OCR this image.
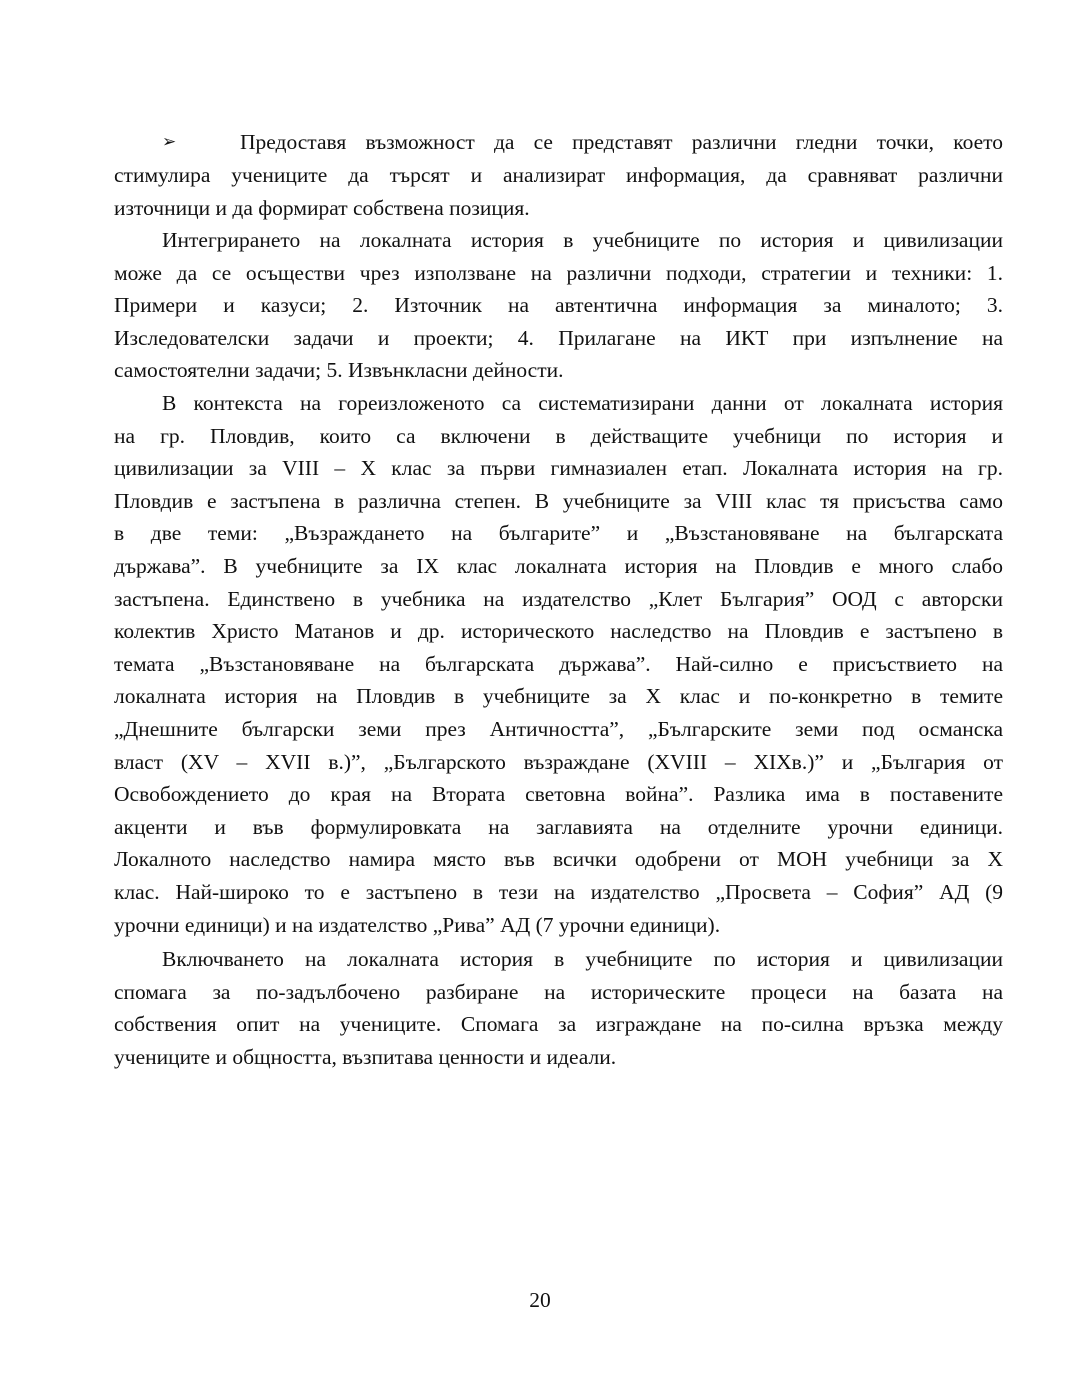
➢	Предоставя възможност да се представят различни гледни точки, което
стимулира учениците да търсят и анализират информация, да сравняват различни
източници и да формират собствена позиция.
Интегрирането на локалната история в учебниците по история и цивилизации
може да се осъществи чрез използване на различни подходи, стратегии и техники: 1.
Примери и казуси; 2. Източник на автентична информация за миналото; 3.
Изследователски задачи и проекти; 4. Прилагане на ИКТ при изпълнение на
самостоятелни задачи; 5. Извънкласни дейности.
В контекста на гореизложеното са систематизирани данни от локалната история
на гр. Пловдив, които са включени в действащите учебници по история и
цивилизации за VIII – Х клас за първи гимназиален етап. Локалната история на гр.
Пловдив е застъпена в различна степен. В учебниците за VIII клас тя присъства само
в две теми: „Възраждането на българите” и „Възстановяване на българската
държава”. В учебниците за IX клас локалната история на Пловдив е много слабо
застъпена. Единствено в учебника на издателство „Клет България” ООД с авторски
колектив Христо Матанов и др. историческото наследство на Пловдив е застъпено в
темата „Възстановяване на българската държава”. Най-силно е присъствието на
локалната история на Пловдив в учебниците за Х клас и по-конкретно в темите
„Днешните български земи през Античността”, „Българските земи под османска
власт (XV – XVII в.)”, „Българското възраждане (XVIII – XIXв.)” и „България от
Освобождението до края на Втората световна война”. Разлика има в поставените
акценти и във формулировката на заглавията на отделните урочни единици.
Локалното наследство намира място във всички одобрени от МОН учебници за Х
клас. Най-широко то е застъпено в тези на издателство „Просвета – София” АД (9
урочни единици) и на издателство „Рива” АД (7 урочни единици).
Включването на локалната история в учебниците по история и цивилизации
спомага за по-задълбочено разбиране на историческите процеси на базата на
собствения опит на учениците. Спомага за изграждане на по-силна връзка между
учениците и общността, възпитава ценности и идеали.
20
